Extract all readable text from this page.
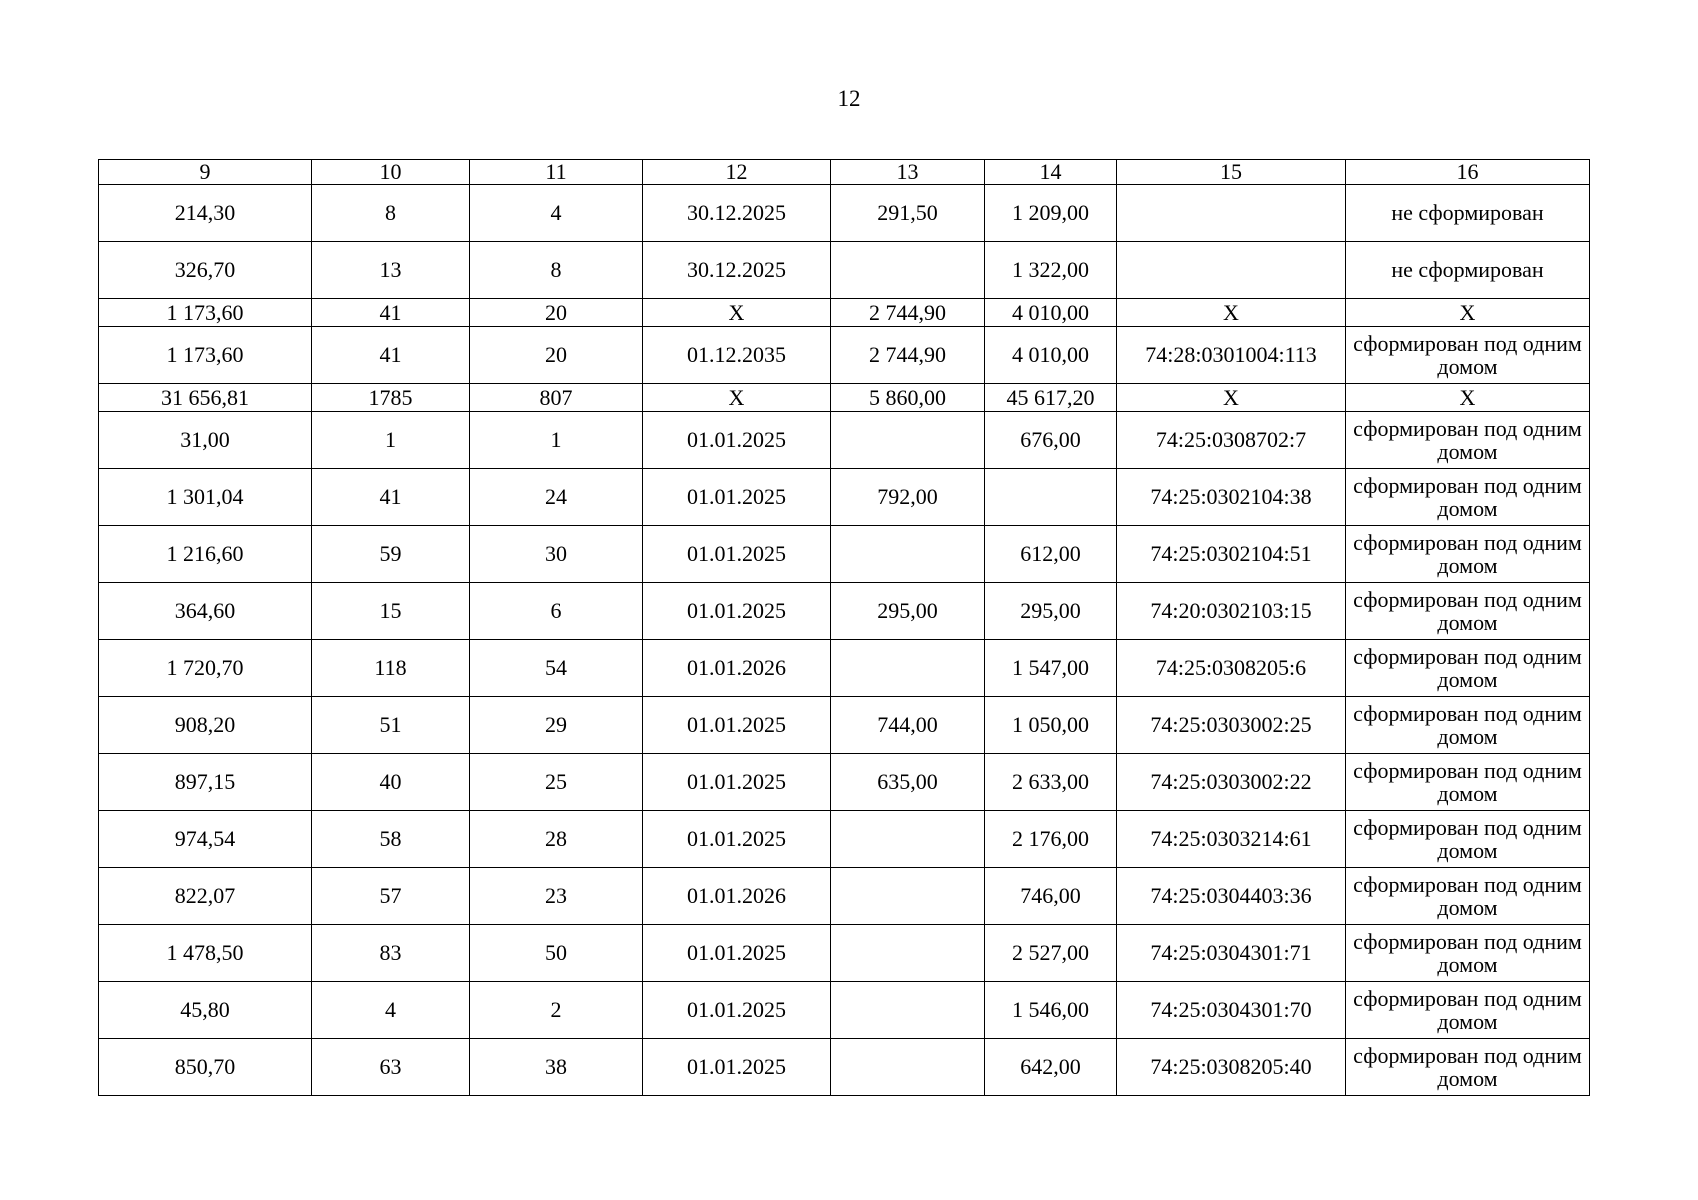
12
9	10	11	12	13	14	15	16
214,30	8	4	30.12.2025	291,50	1 209,00		не сформирован
326,70	13	8	30.12.2025		1 322,00		не сформирован
1 173,60	41	20	X	2 744,90	4 010,00	X	X
1 173,60	41	20	01.12.2035	2 744,90	4 010,00	74:28:0301004:113	сформирован под одним домом
31 656,81	1785	807	X	5 860,00	45 617,20	X	X
31,00	1	1	01.01.2025		676,00	74:25:0308702:7	сформирован под одним домом
1 301,04	41	24	01.01.2025	792,00		74:25:0302104:38	сформирован под одним домом
1 216,60	59	30	01.01.2025		612,00	74:25:0302104:51	сформирован под одним домом
364,60	15	6	01.01.2025	295,00	295,00	74:20:0302103:15	сформирован под одним домом
1 720,70	118	54	01.01.2026		1 547,00	74:25:0308205:6	сформирован под одним домом
908,20	51	29	01.01.2025	744,00	1 050,00	74:25:0303002:25	сформирован под одним домом
897,15	40	25	01.01.2025	635,00	2 633,00	74:25:0303002:22	сформирован под одним домом
974,54	58	28	01.01.2025		2 176,00	74:25:0303214:61	сформирован под одним домом
822,07	57	23	01.01.2026		746,00	74:25:0304403:36	сформирован под одним домом
1 478,50	83	50	01.01.2025		2 527,00	74:25:0304301:71	сформирован под одним домом
45,80	4	2	01.01.2025		1 546,00	74:25:0304301:70	сформирован под одним домом
850,70	63	38	01.01.2025		642,00	74:25:0308205:40	сформирован под одним домом
